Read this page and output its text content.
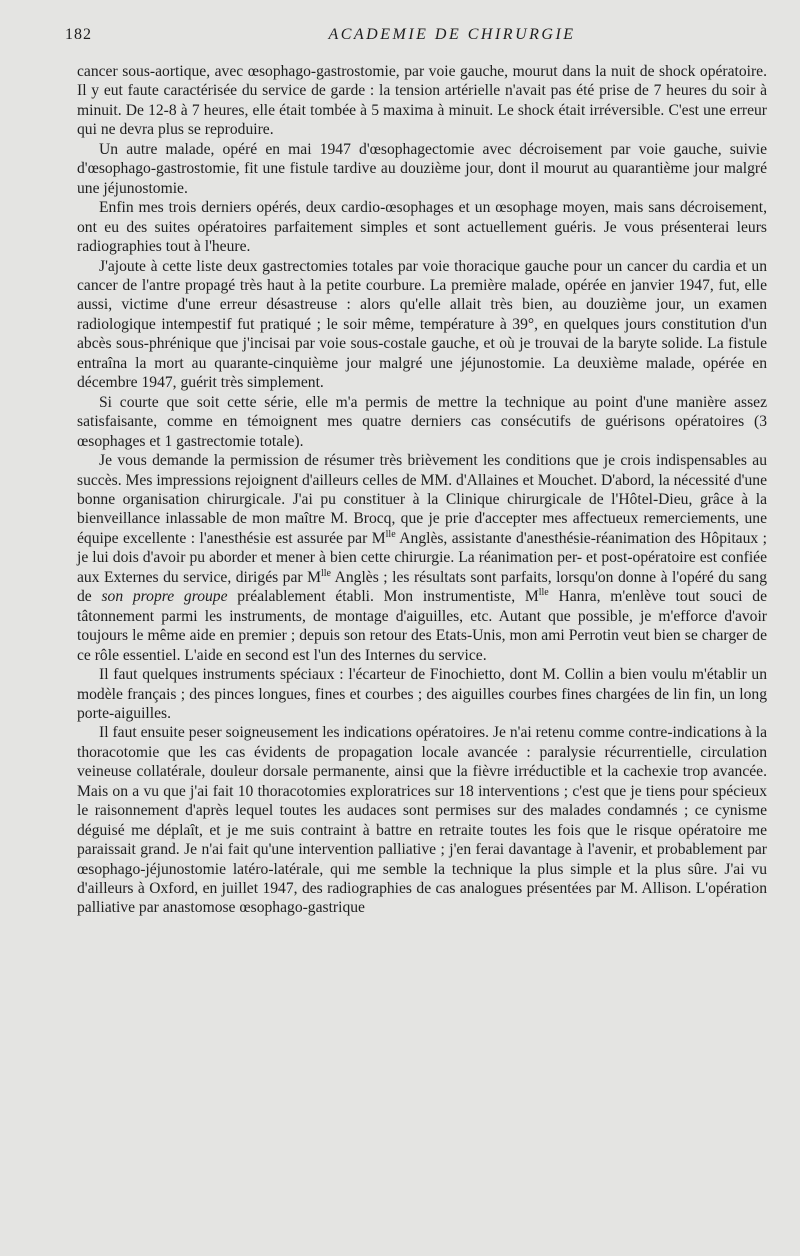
182	ACADEMIE DE CHIRURGIE

cancer sous-aortique, avec œsophago-gastrostomie, par voie gauche, mourut dans la nuit de shock opératoire. Il y eut faute caractérisée du service de garde : la tension artérielle n'avait pas été prise de 7 heures du soir à minuit. De 12-8 à 7 heures, elle était tombée à 5 maxima à minuit. Le shock était irréversible. C'est une erreur qui ne devra plus se reproduire.

Un autre malade, opéré en mai 1947 d'œsophagectomie avec décroisement par voie gauche, suivie d'œsophago-gastrostomie, fit une fistule tardive au douzième jour, dont il mourut au quarantième jour malgré une jéjunostomie.

Enfin mes trois derniers opérés, deux cardio-œsophages et un œsophage moyen, mais sans décroisement, ont eu des suites opératoires parfaitement simples et sont actuellement guéris. Je vous présenterai leurs radiographies tout à l'heure.

J'ajoute à cette liste deux gastrectomies totales par voie thoracique gauche pour un cancer du cardia et un cancer de l'antre propagé très haut à la petite courbure. La première malade, opérée en janvier 1947, fut, elle aussi, victime d'une erreur désastreuse : alors qu'elle allait très bien, au douzième jour, un examen radiologique intempestif fut pratiqué ; le soir même, température à 39°, en quelques jours constitution d'un abcès sous-phrénique que j'incisai par voie sous-costale gauche, et où je trouvai de la baryte solide. La fistule entraîna la mort au quarante-cinquième jour malgré une jéjunostomie. La deuxième malade, opérée en décembre 1947, guérit très simplement.

Si courte que soit cette série, elle m'a permis de mettre la technique au point d'une manière assez satisfaisante, comme en témoignent mes quatre derniers cas consécutifs de guérisons opératoires (3 œsophages et 1 gastrectomie totale).

Je vous demande la permission de résumer très brièvement les conditions que je crois indispensables au succès. Mes impressions rejoignent d'ailleurs celles de MM. d'Allaines et Mouchet. D'abord, la nécessité d'une bonne organisation chirurgicale. J'ai pu constituer à la Clinique chirurgicale de l'Hôtel-Dieu, grâce à la bienveillance inlassable de mon maître M. Brocq, que je prie d'accepter mes affectueux remerciements, une équipe excellente : l'anesthésie est assurée par $M^{lle}$ Anglès, assistante d'anesthésie-réanimation des Hôpitaux ; je lui dois d'avoir pu aborder et mener à bien cette chirurgie. La réanimation per- et post-opératoire est confiée aux Externes du service, dirigés par $M^{lle}$ Anglès ; les résultats sont parfaits, lorsqu'on donne à l'opéré du sang de son propre groupe préalablement établi. Mon instrumentiste, $M^{lle}$ Hanra, m'enlève tout souci de tâtonnement parmi les instruments, de montage d'aiguilles, etc. Autant que possible, je m'efforce d'avoir toujours le même aide en premier ; depuis son retour des Etats-Unis, mon ami Perrotin veut bien se charger de ce rôle essentiel. L'aide en second est l'un des Internes du service.

Il faut quelques instruments spéciaux : l'écarteur de Finochietto, dont M. Collin a bien voulu m'établir un modèle français ; des pinces longues, fines et courbes ; des aiguilles courbes fines chargées de lin fin, un long porte-aiguilles.

Il faut ensuite peser soigneusement les indications opératoires. Je n'ai retenu comme contre-indications à la thoracotomie que les cas évidents de propagation locale avancée : paralysie récurrentielle, circulation veineuse collatérale, douleur dorsale permanente, ainsi que la fièvre irréductible et la cachexie trop avancée. Mais on a vu que j'ai fait 10 thoracotomies exploratrices sur 18 interventions ; c'est que je tiens pour spécieux le raisonnement d'après lequel toutes les audaces sont permises sur des malades condamnés ; ce cynisme déguisé me déplaît, et je me suis contraint à battre en retraite toutes les fois que le risque opératoire me paraissait grand. Je n'ai fait qu'une intervention palliative ; j'en ferai davantage à l'avenir, et probablement par œsophago-jéjunostomie latéro-latérale, qui me semble la technique la plus simple et la plus sûre. J'ai vu d'ailleurs à Oxford, en juillet 1947, des radiographies de cas analogues présentées par M. Allison. L'opération palliative par anastomose œsophago-gastrique
